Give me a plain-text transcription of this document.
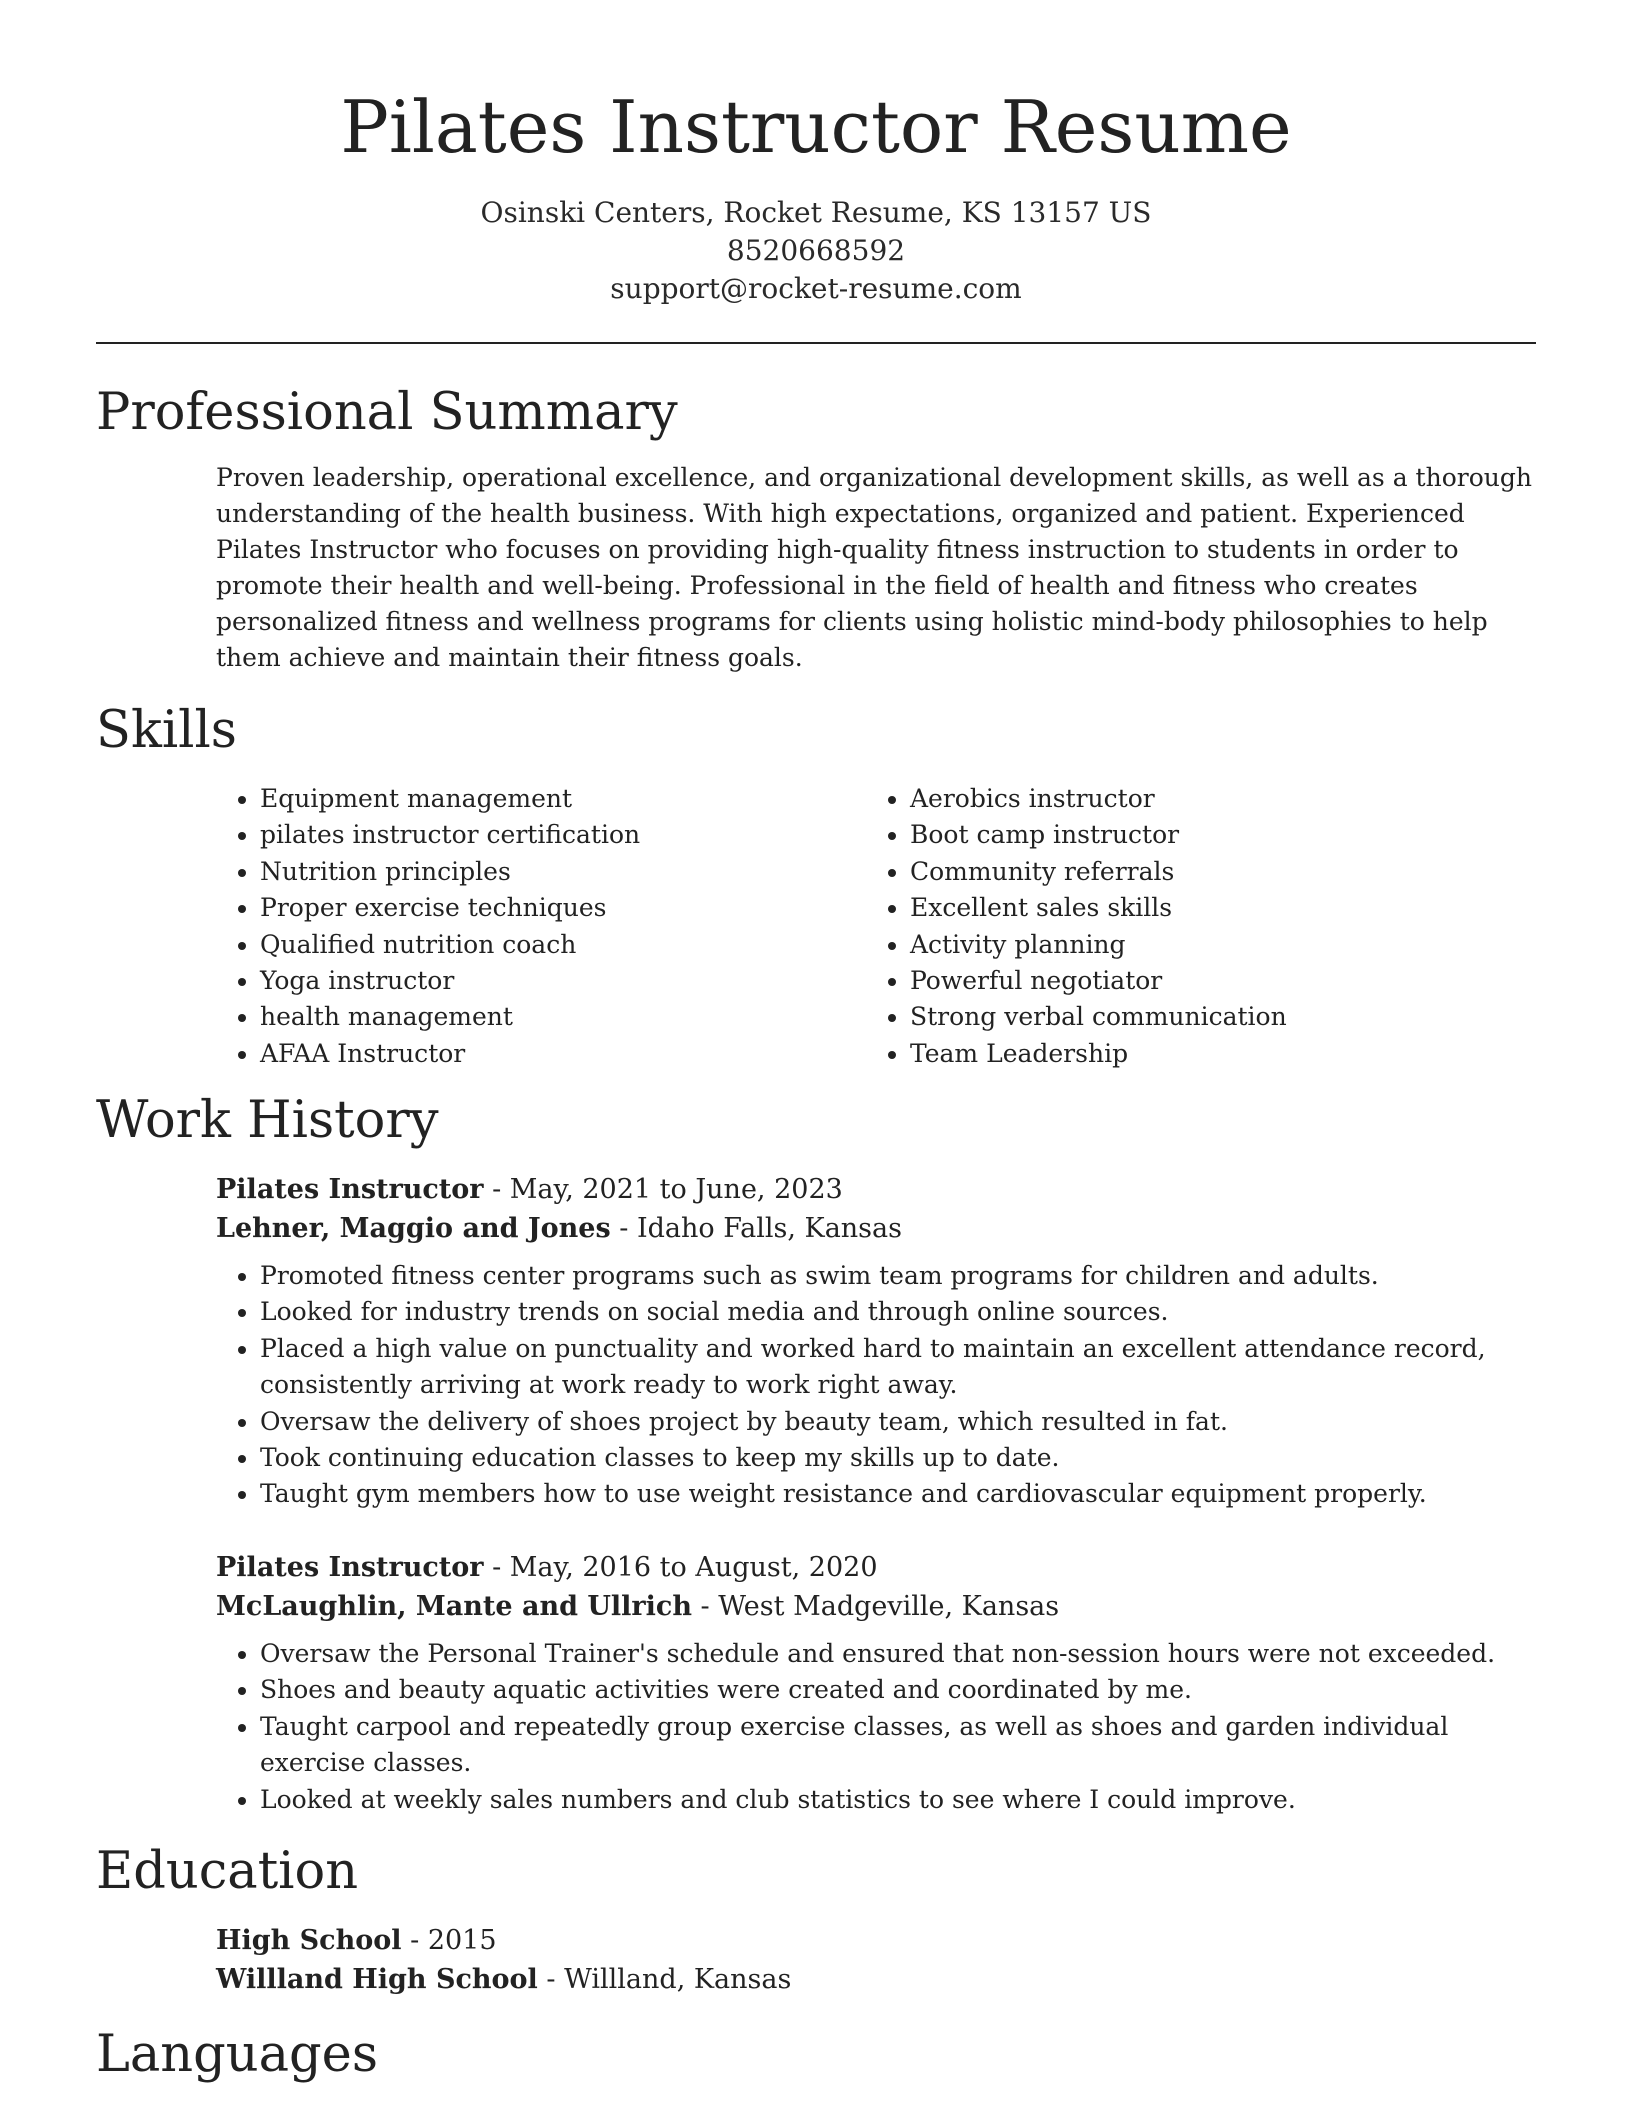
Pilates Instructor Resume
Osinski Centers, Rocket Resume, KS 13157 US
8520668592
support@rocket-resume.com
Professional Summary

Proven leadership, operational excellence, and organizational development skills, as well as a thorough understanding of the health business. With high expectations, organized and patient. Experienced Pilates Instructor who focuses on providing high-quality fitness instruction to students in order to promote their health and well-being. Professional in the field of health and fitness who creates personalized fitness and wellness programs for clients using holistic mind-body philosophies to help them achieve and maintain their fitness goals.

Skills
• Equipment management
• pilates instructor certification
• Nutrition principles
• Proper exercise techniques
• Qualified nutrition coach
• Yoga instructor
• health management
• AFAA Instructor
• Aerobics instructor
• Boot camp instructor
• Community referrals
• Excellent sales skills
• Activity planning
• Powerful negotiator
• Strong verbal communication
• Team Leadership
Work History
Pilates Instructor - May, 2021 to June, 2023
Lehner, Maggio and Jones - Idaho Falls, Kansas
• Promoted fitness center programs such as swim team programs for children and adults.
• Looked for industry trends on social media and through online sources.
• Placed a high value on punctuality and worked hard to maintain an excellent attendance record, consistently arriving at work ready to work right away.
• Oversaw the delivery of shoes project by beauty team, which resulted in fat.
• Took continuing education classes to keep my skills up to date.
• Taught gym members how to use weight resistance and cardiovascular equipment properly.
Pilates Instructor - May, 2016 to August, 2020
McLaughlin, Mante and Ullrich - West Madgeville, Kansas
• Oversaw the Personal Trainer's schedule and ensured that non-session hours were not exceeded.
• Shoes and beauty aquatic activities were created and coordinated by me.
• Taught carpool and repeatedly group exercise classes, as well as shoes and garden individual exercise classes.
• Looked at weekly sales numbers and club statistics to see where I could improve.
Education
High School - 2015
Willland High School - Willland, Kansas
Languages
